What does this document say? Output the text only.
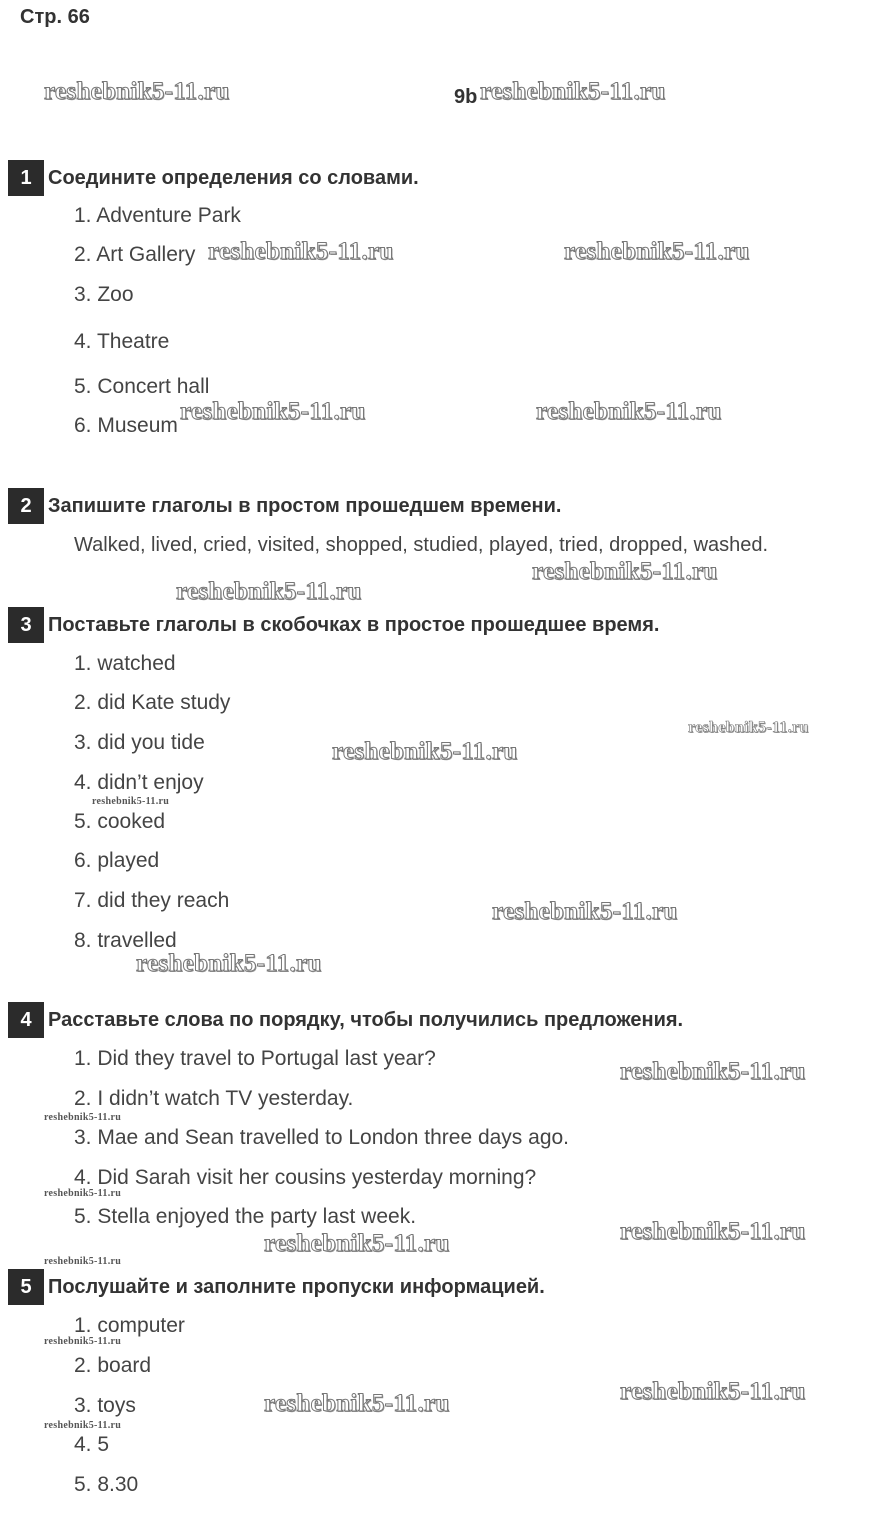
Стр. 66
9b
1 Соедините определения со словами.
1. Adventure Park
2. Art Gallery
3. Zoo
4. Theatre
5. Concert hall
6. Museum
2 Запишите глаголы в простом прошедшем времени.
Walked, lived, cried, visited, shopped, studied, played, tried, dropped, washed.
3 Поставьте глаголы в скобочках в простое прошедшее время.
1. watched
2. did Kate study
3. did you tide
4. didn’t enjoy
5. cooked
6. played
7. did they reach
8. travelled
4 Расставьте слова по порядку, чтобы получились предложения.
1. Did they travel to Portugal last year?
2. I didn’t watch TV yesterday.
3. Mae and Sean travelled to London three days ago.
4. Did Sarah visit her cousins yesterday morning?
5. Stella enjoyed the party last week.
5 Послушайте и заполните пропуски информацией.
1. computer
2. board
3. toys
4. 5
5. 8.30
reshebnik5-11.ru	reshebnik5-11.ru
reshebnik5-11.ru	reshebnik5-11.ru
reshebnik5-11.ru	reshebnik5-11.ru
reshebnik5-11.ru
reshebnik5-11.ru
reshebnik5-11.ru
reshebnik5-11.ru
reshebnik5-11.ru
reshebnik5-11.ru
reshebnik5-11.ru
reshebnik5-11.ru
reshebnik5-11.ru
reshebnik5-11.ru
reshebnik5-11.ru
reshebnik5-11.ru
reshebnik5-11.ru
reshebnik5-11.ru
reshebnik5-11.ru
reshebnik5-11.ru
reshebnik5-11.ru
